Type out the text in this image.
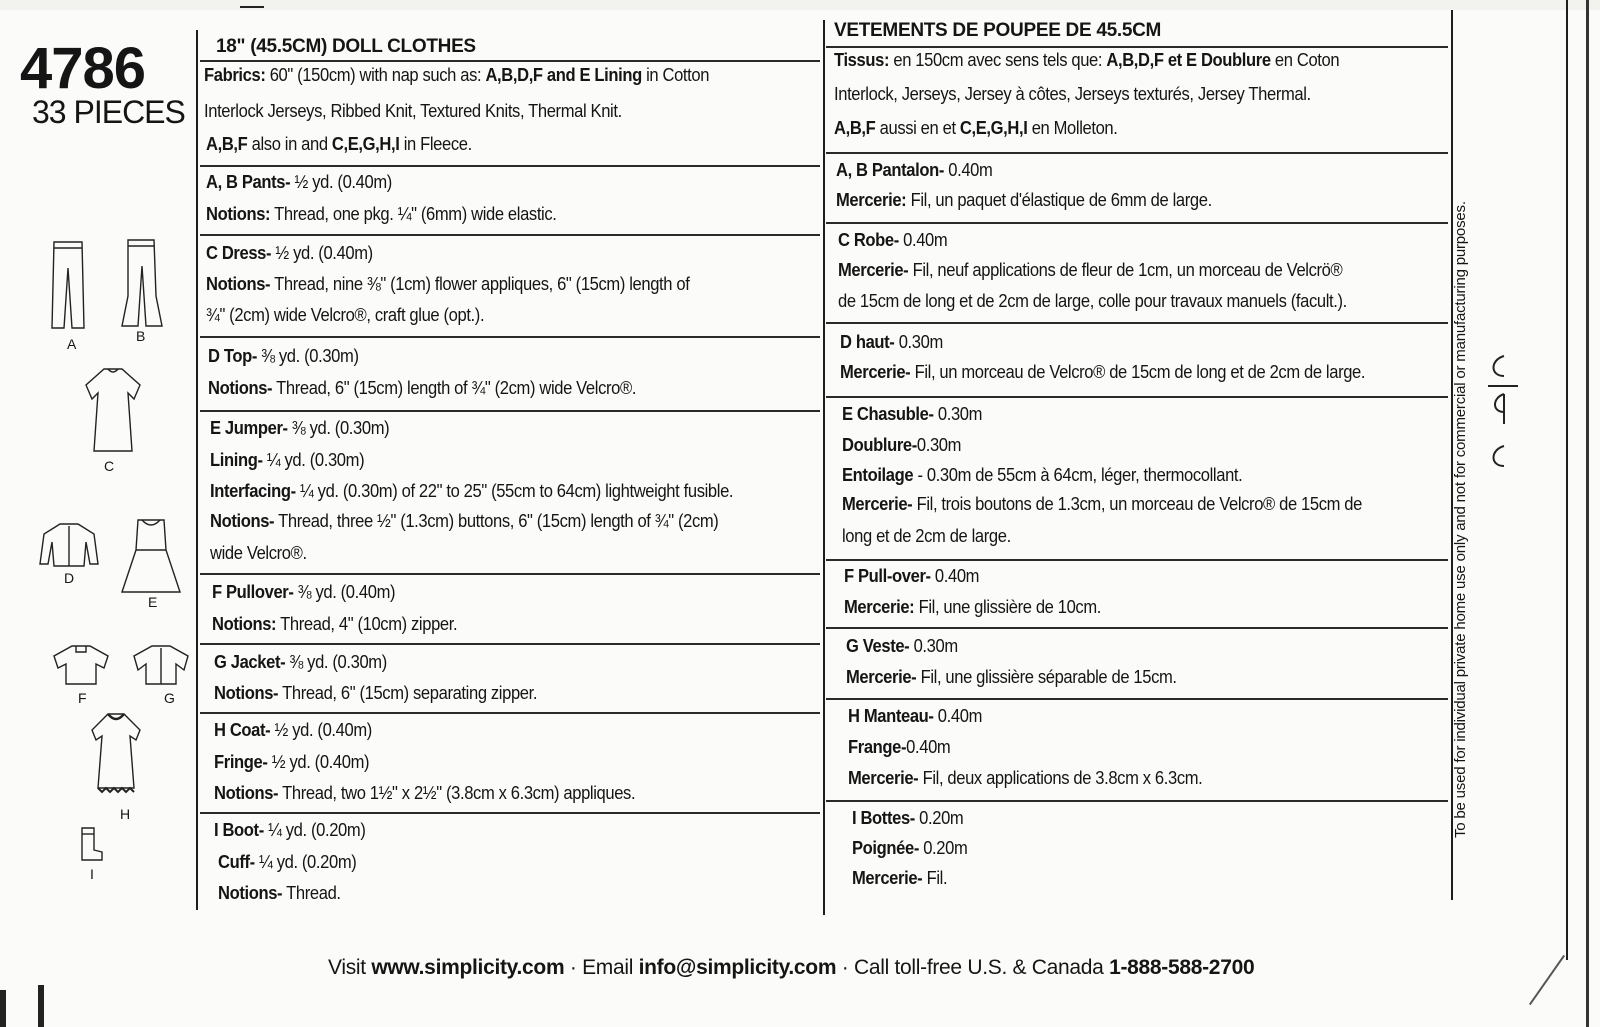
4786
33 PIECES
18" (45.5CM) DOLL CLOTHES
Fabrics: 60" (150cm) with nap such as: A,B,D,F and E Lining in Cotton
Interlock Jerseys, Ribbed Knit, Textured Knits, Thermal Knit.
A,B,F also in and C,E,G,H,I in Fleece.
A, B Pants- ½ yd. (0.40m)
Notions: Thread, one pkg. ¼" (6mm) wide elastic.
C Dress- ½ yd. (0.40m)
Notions- Thread, nine ⅜" (1cm) flower appliques, 6" (15cm) length of
¾" (2cm) wide Velcro®, craft glue (opt.).
D Top- ⅜ yd. (0.30m)
Notions- Thread, 6" (15cm) length of ¾" (2cm) wide Velcro®.
E Jumper- ⅜ yd. (0.30m)
Lining- ¼ yd. (0.30m)
Interfacing- ¼ yd. (0.30m) of 22" to 25" (55cm to 64cm) lightweight fusible.
Notions- Thread, three ½" (1.3cm) buttons, 6" (15cm) length of ¾" (2cm)
wide Velcro®.
F Pullover- ⅜ yd. (0.40m)
Notions: Thread, 4" (10cm) zipper.
G Jacket- ⅜ yd. (0.30m)
Notions- Thread, 6" (15cm) separating zipper.
H Coat- ½ yd. (0.40m)
Fringe- ½ yd. (0.40m)
Notions- Thread, two 1½" x 2½" (3.8cm x 6.3cm) appliques.
I Boot- ¼ yd. (0.20m)
Cuff- ¼ yd. (0.20m)
Notions- Thread.
VETEMENTS DE POUPEE DE 45.5CM
Tissus: en 150cm avec sens tels que: A,B,D,F et E Doublure en Coton
Interlock, Jerseys, Jersey à côtes, Jerseys texturés, Jersey Thermal.
A,B,F aussi en et C,E,G,H,I en Molleton.
A, B Pantalon- 0.40m
Mercerie: Fil, un paquet d'élastique de 6mm de large.
C Robe- 0.40m
Mercerie- Fil, neuf applications de fleur de 1cm, un morceau de Velcrö®
de 15cm de long et de 2cm de large, colle pour travaux manuels (facult.).
D haut- 0.30m
Mercerie- Fil, un morceau de Velcro® de 15cm de long et de 2cm de large.
E Chasuble- 0.30m
Doublure-0.30m
Entoilage - 0.30m de 55cm à 64cm, léger, thermocollant.
Mercerie- Fil, trois boutons de 1.3cm, un morceau de Velcro® de 15cm de
long et de 2cm de large.
F Pull-over- 0.40m
Mercerie: Fil, une glissière de 10cm.
G Veste- 0.30m
Mercerie- Fil, une glissière séparable de 15cm.
H Manteau- 0.40m
Frange-0.40m
Mercerie- Fil, deux applications de 3.8cm x 6.3cm.
I Bottes- 0.20m
Poignée- 0.20m
Mercerie- Fil.
A	B
C
D
E
F	G
H
I
To be used for individual private home use only and not for commercial or manufacturing purposes.
Visit www.simplicity.com · Email info@simplicity.com · Call toll-free U.S. & Canada 1-888-588-2700
